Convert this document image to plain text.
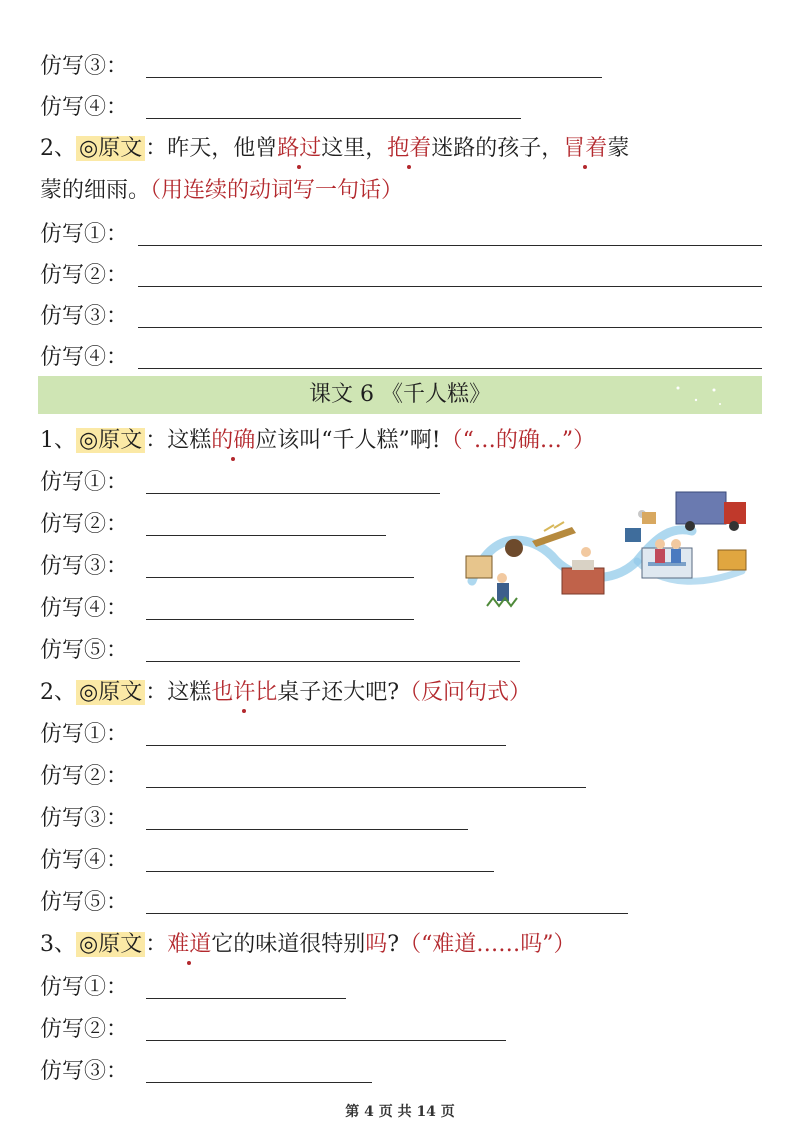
仿写③：
仿写④：
2、 ◎原文 ：昨天，他曾路过这里，抱着迷路的孩子，冒着蒙
蒙的细雨。（用连续的动词写一句话）
仿写①：
仿写②：
仿写③：
仿写④：
课文 6 《千人糕》
1、 ◎原文 ：这糕的确应该叫“千人糕”啊!（“…的确…”）
仿写①：
仿写②：
仿写③：
仿写④：
仿写⑤：
2、 ◎原文 ：这糕也许比桌子还大吧?（反问句式）
仿写①：
仿写②：
仿写③：
仿写④：
仿写⑤：
3、 ◎原文 ：难道它的味道很特别吗?（“难道……吗”）
仿写①：
仿写②：
仿写③：
第 4 页 共 14 页
